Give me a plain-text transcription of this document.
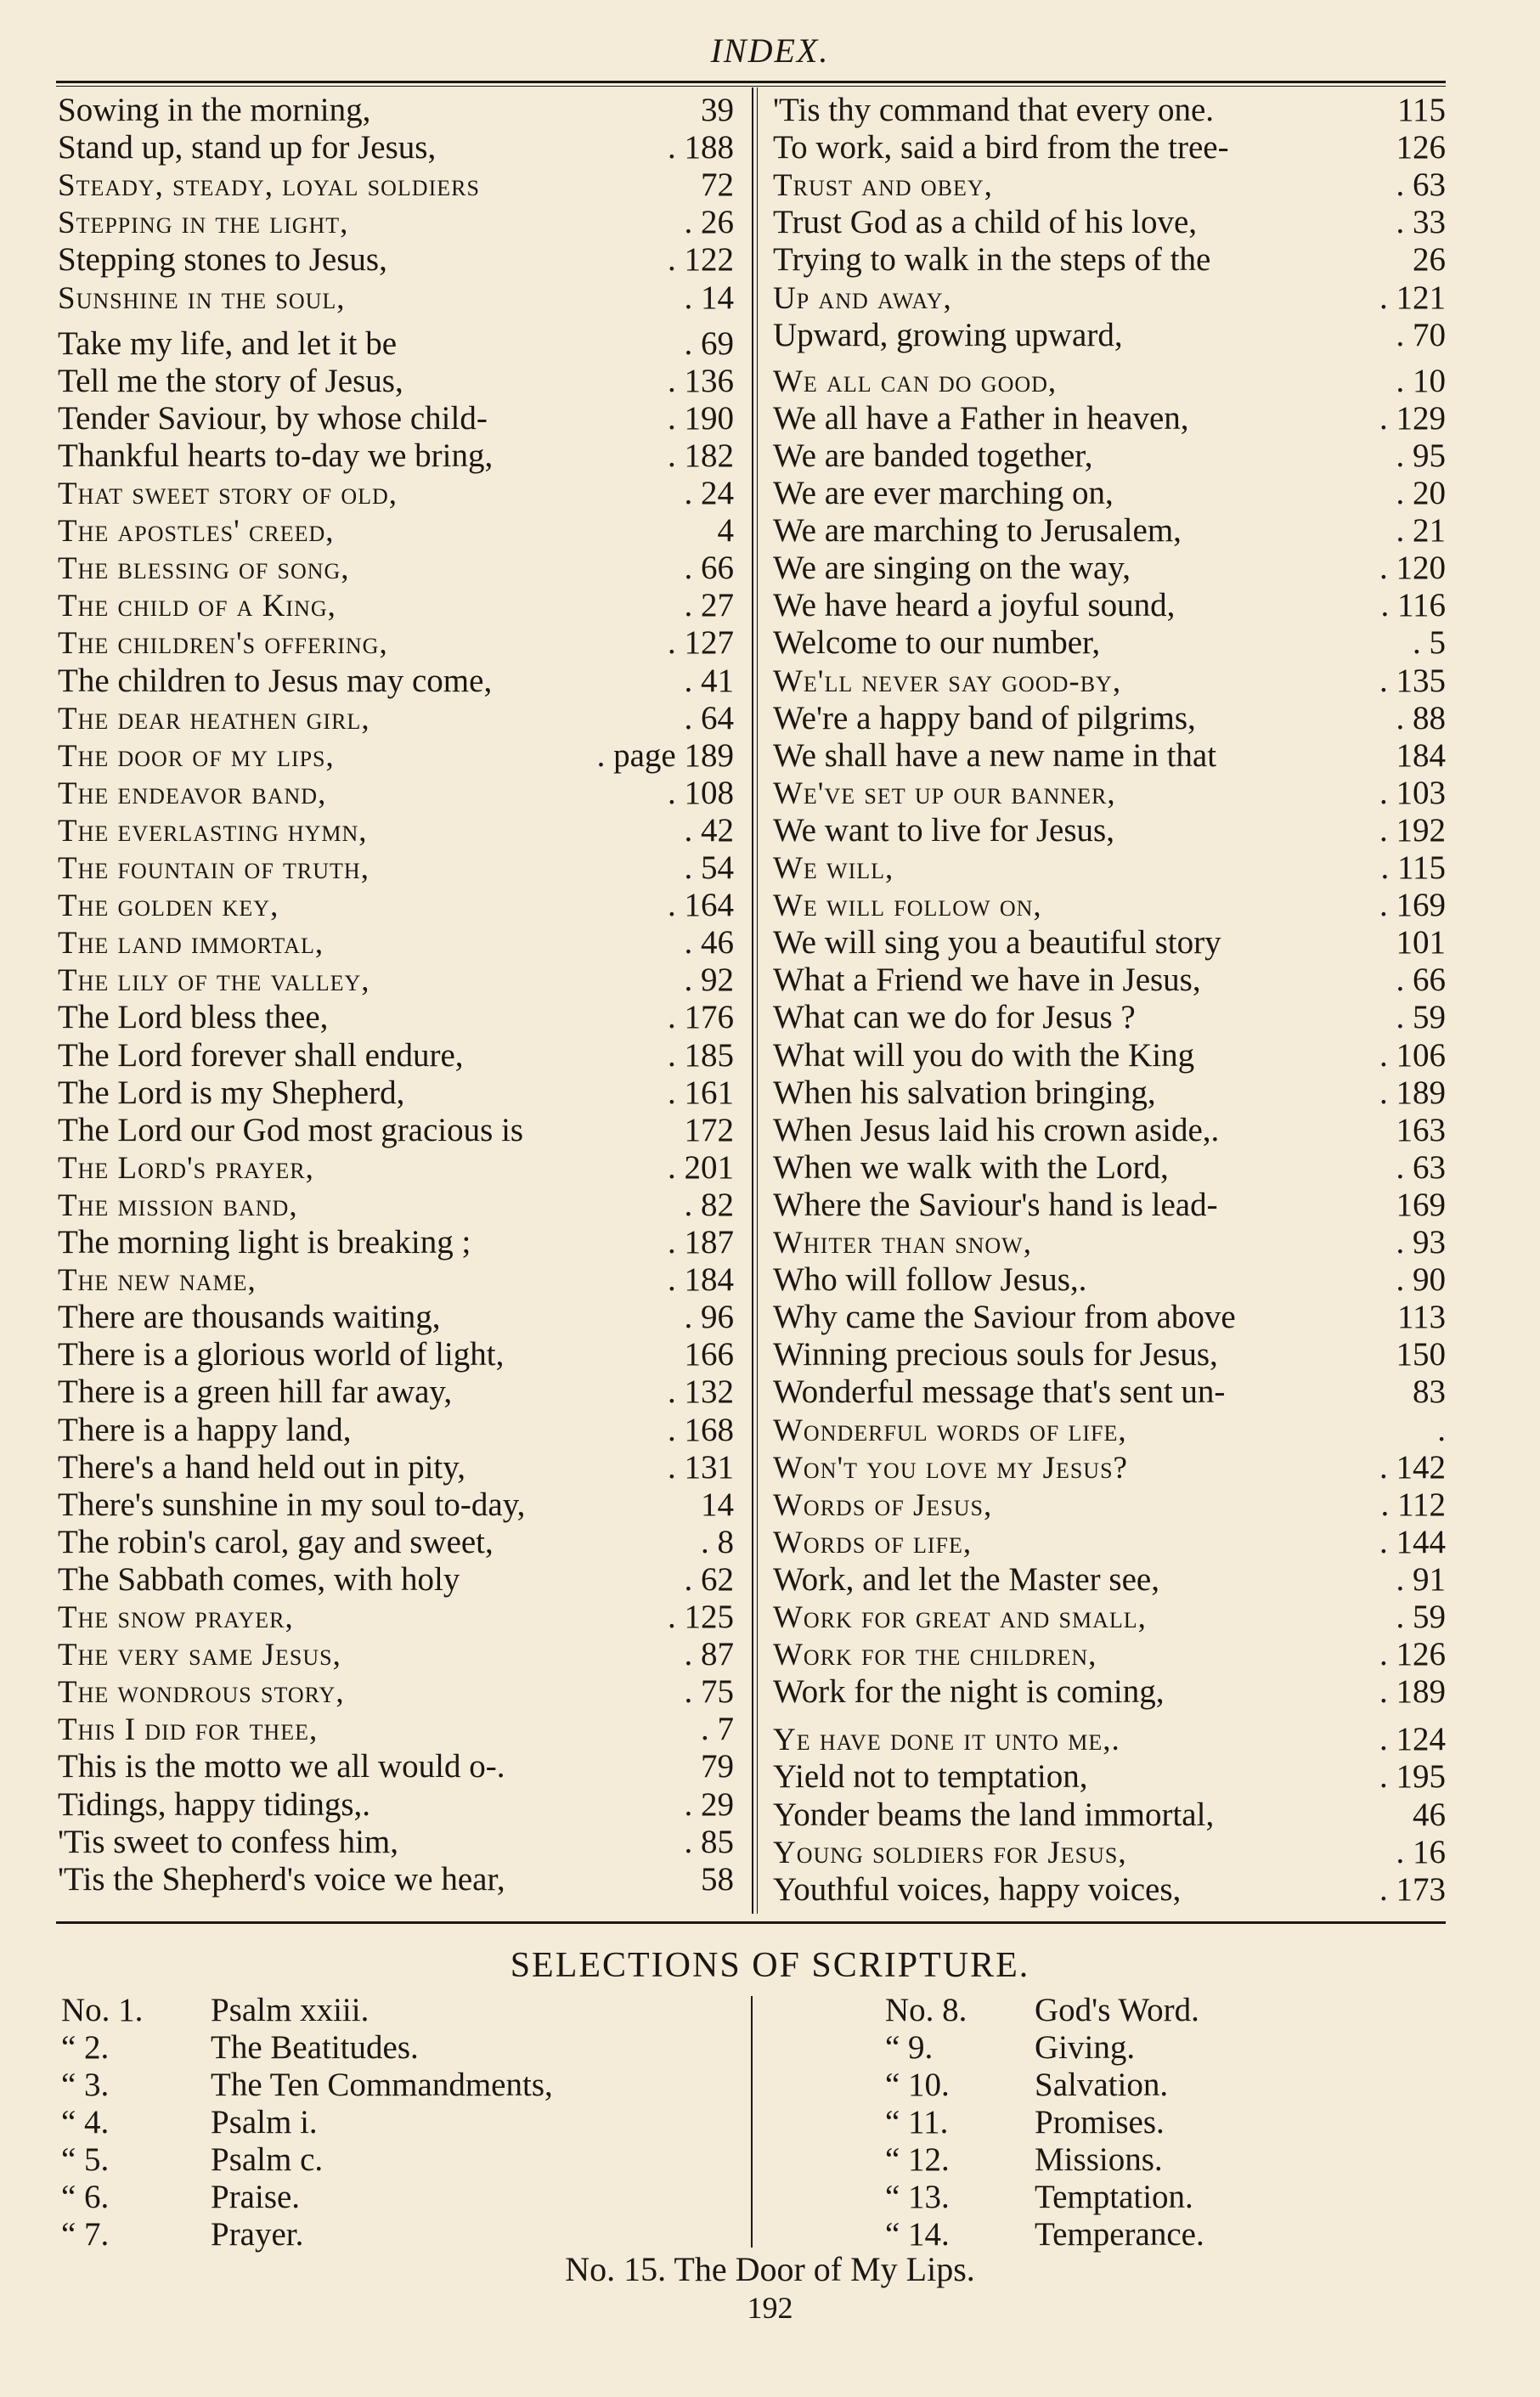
INDEX.
Sowing in the morning,	39
Stand up, stand up for Jesus,	. 188
Steady, steady, loyal soldiers	72
Stepping in the light,	. 26
Stepping stones to Jesus,	. 122
Sunshine in the soul,	. 14
Take my life, and let it be	. 69
Tell me the story of Jesus,	. 136
Tender Saviour, by whose child-	. 190
Thankful hearts to-day we bring,	. 182
That sweet story of old,	. 24
The apostles' creed,	4
The blessing of song,	. 66
The child of a King,	. 27
The children's offering,	. 127
The children to Jesus may come,	. 41
The dear heathen girl,	. 64
The door of my lips,	. page 189
The endeavor band,	. 108
The everlasting hymn,	. 42
The fountain of truth,	. 54
The golden key,	. 164
The land immortal,	. 46
The lily of the valley,	. 92
The Lord bless thee,	. 176
The Lord forever shall endure,	. 185
The Lord is my Shepherd,	. 161
The Lord our God most gracious is	172
The Lord's prayer,	. 201
The mission band,	. 82
The morning light is breaking ;	. 187
The new name,	. 184
There are thousands waiting,	. 96
There is a glorious world of light,	166
There is a green hill far away,	. 132
There is a happy land,	. 168
There's a hand held out in pity,	. 131
There's sunshine in my soul to-day,	14
The robin's carol, gay and sweet,	. 8
The Sabbath comes, with holy	. 62
The snow prayer,	. 125
The very same Jesus,	. 87
The wondrous story,	. 75
This I did for thee,	. 7
This is the motto we all would o-.	79
Tidings, happy tidings,.	. 29
'Tis sweet to confess him,	. 85
'Tis the Shepherd's voice we hear,	58
'Tis thy command that every one.	115
To work, said a bird from the tree-	126
Trust and obey,	. 63
Trust God as a child of his love,	. 33
Trying to walk in the steps of the	26
Up and away,	. 121
Upward, growing upward,	. 70
We all can do good,	. 10
We all have a Father in heaven,	. 129
We are banded together,	. 95
We are ever marching on,	. 20
We are marching to Jerusalem,	. 21
We are singing on the way,	. 120
We have heard a joyful sound,	. 116
Welcome to our number,	. 5
We'll never say good-by,	. 135
We're a happy band of pilgrims,	. 88
We shall have a new name in that	184
We've set up our banner,	. 103
We want to live for Jesus,	. 192
We will,	. 115
We will follow on,	. 169
We will sing you a beautiful story	101
What a Friend we have in Jesus,	. 66
What can we do for Jesus ?	. 59
What will you do with the King	. 106
When his salvation bringing,	. 189
When Jesus laid his crown aside,.	163
When we walk with the Lord,	. 63
Where the Saviour's hand is lead-	169
Whiter than snow,	. 93
Who will follow Jesus,.	. 90
Why came the Saviour from above	113
Winning precious souls for Jesus,	150
Wonderful message that's sent un-	83
Wonderful words of life,	.
Won't you love my Jesus?	. 142
Words of Jesus,	. 112
Words of life,	. 144
Work, and let the Master see,	. 91
Work for great and small,	. 59
Work for the children,	. 126
Work for the night is coming,	. 189
Ye have done it unto me,.	. 124
Yield not to temptation,	. 195
Yonder beams the land immortal,	46
Young soldiers for Jesus,	. 16
Youthful voices, happy voices,	. 173
SELECTIONS OF SCRIPTURE.
No. 1.	Psalm xxiii.
“ 2.	The Beatitudes.
“ 3.	The Ten Commandments,
“ 4.	Psalm i.
“ 5.	Psalm c.
“ 6.	Praise.
“ 7.	Prayer.
No. 8.	God's Word.
“ 9.	Giving.
“ 10.	Salvation.
“ 11.	Promises.
“ 12.	Missions.
“ 13.	Temptation.
“ 14.	Temperance.
No. 15. The Door of My Lips.
192
